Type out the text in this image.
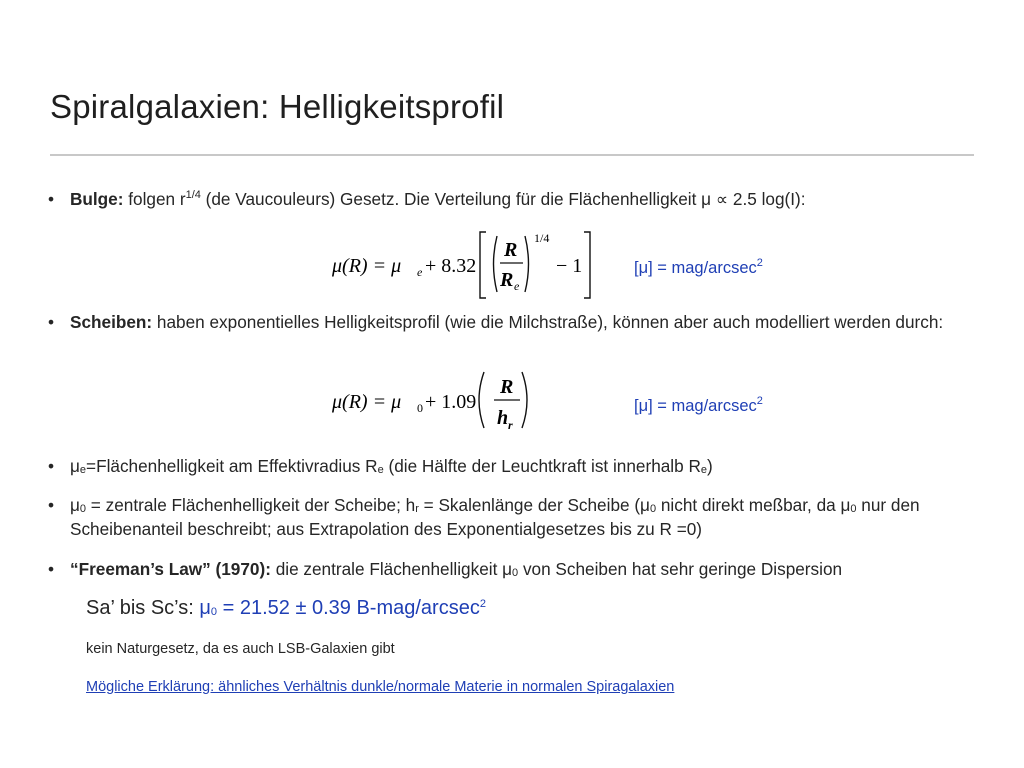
Spiralgalaxien: Helligkeitsprofil
• Bulge: folgen $r^{1/4}$ (de Vaucouleurs) Gesetz. Die Verteilung für die Flächenhelligkeit μ ∝ 2.5 log(I):
μ(R) = μ e + 8.32
R
R e
1/4
− 1	[μ] = mag/arcsec$^2$
• Scheiben: haben exponentielles Helligkeitsprofil (wie die Milchstraße), können aber auch modelliert werden durch:
μ(R) = μ 0 + 1.09
R
h r
[μ] = mag/arcsec$^2$
• $\mu_e=Flächenhelligkeit$ am Effektivradius $R_e$ (die Hälfte der Leuchtkraft ist innerhalb $R_e$)
• $\mu_0$ = zentrale Flächenhelligkeit der Scheibe; $h_r$ = Skalenlänge der Scheibe ($\mu_0$ nicht direkt meßbar, da $\mu_0$ nur den Scheibenanteil beschreibt; aus Extrapolation des Exponentialgesetzes bis zu R =0)
• “Freeman’s Law” (1970): die zentrale Flächenhelligkeit $\mu_0$ von Scheiben hat sehr geringe Dispersion
Sa’ bis Sc’s: $\mu_0 = 21.52 \pm 0.39$ B-mag/arcsec$^2$
kein Naturgesetz, da es auch LSB-Galaxien gibt
Mögliche Erklärung: ähnliches Verhältnis dunkle/normale Materie in normalen Spiragalaxien
